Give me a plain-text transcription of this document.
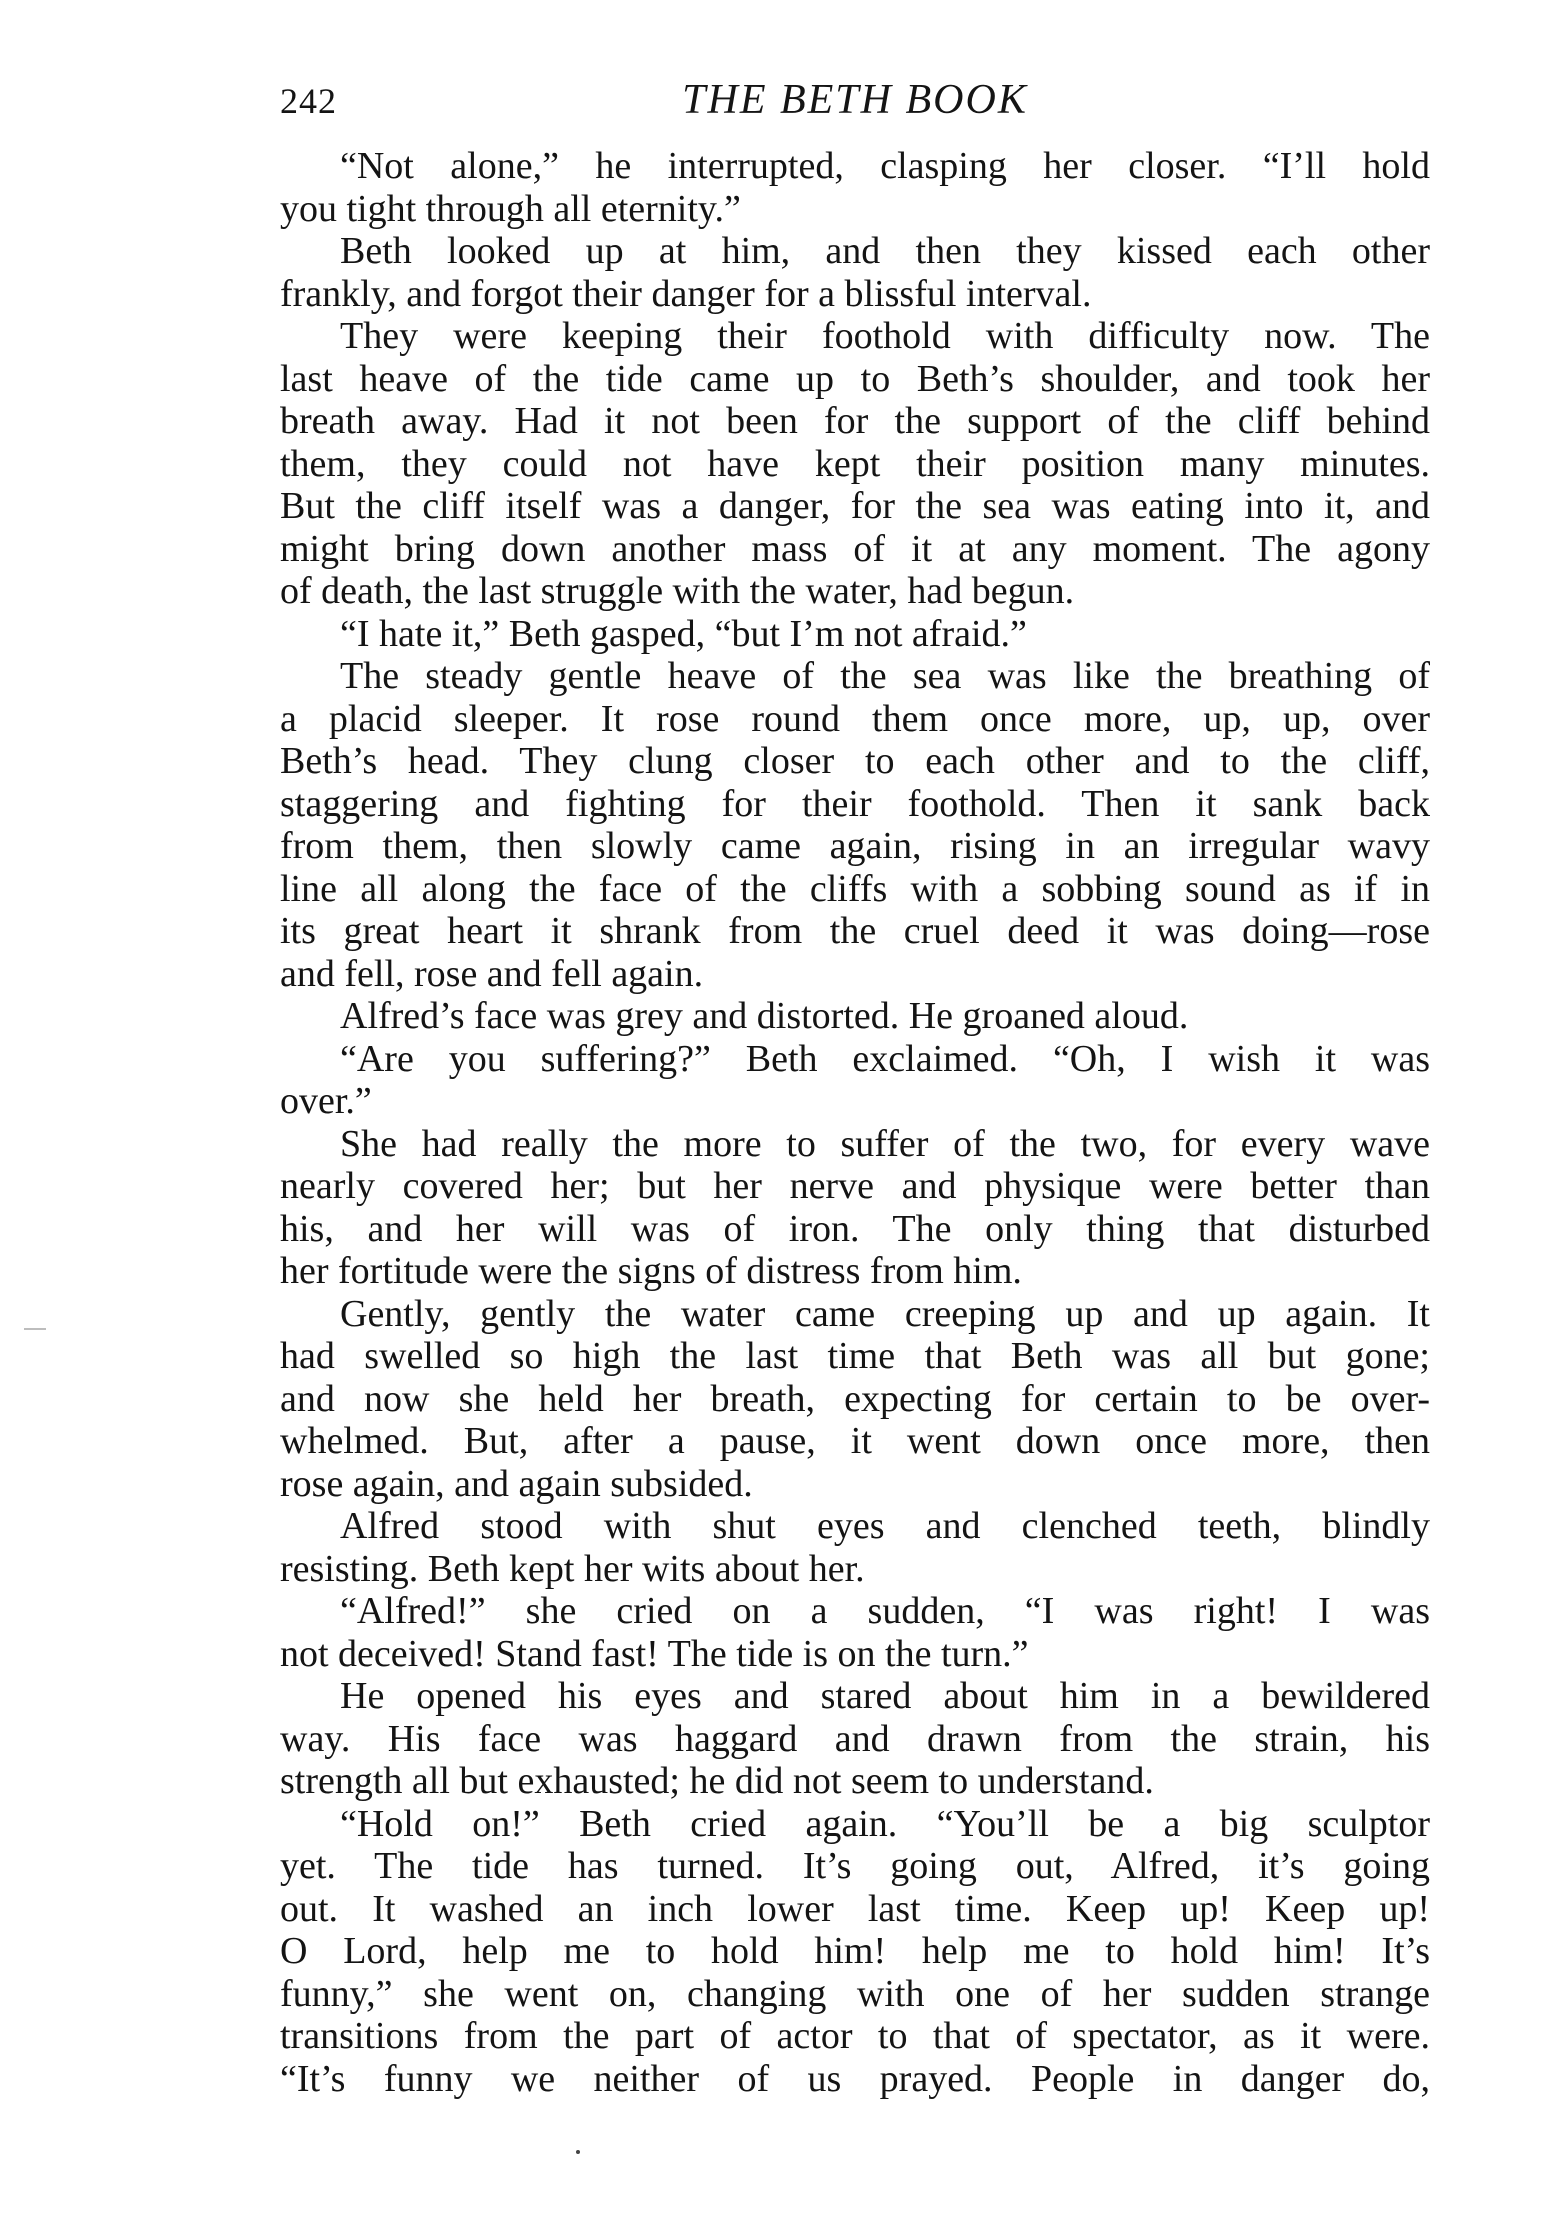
242	THE BETH BOOK
“Not alone,” he interrupted, clasping her closer. “I’ll hold
you tight through all eternity.”
Beth looked up at him, and then they kissed each other
frankly, and forgot their danger for a blissful interval.
They were keeping their foothold with difficulty now. The
last heave of the tide came up to Beth’s shoulder, and took her
breath away. Had it not been for the support of the cliff behind
them, they could not have kept their position many minutes.
But the cliff itself was a danger, for the sea was eating into it, and
might bring down another mass of it at any moment. The agony
of death, the last struggle with the water, had begun.
“I hate it,” Beth gasped, “but I’m not afraid.”
The steady gentle heave of the sea was like the breathing of
a placid sleeper. It rose round them once more, up, up, over
Beth’s head. They clung closer to each other and to the cliff,
staggering and fighting for their foothold. Then it sank back
from them, then slowly came again, rising in an irregular wavy
line all along the face of the cliffs with a sobbing sound as if in
its great heart it shrank from the cruel deed it was doing—rose
and fell, rose and fell again.
Alfred’s face was grey and distorted. He groaned aloud.
“Are you suffering?” Beth exclaimed. “Oh, I wish it was
over.”
She had really the more to suffer of the two, for every wave
nearly covered her; but her nerve and physique were better than
his, and her will was of iron. The only thing that disturbed
her fortitude were the signs of distress from him.
Gently, gently the water came creeping up and up again. It
had swelled so high the last time that Beth was all but gone;
and now she held her breath, expecting for certain to be over-
whelmed. But, after a pause, it went down once more, then
rose again, and again subsided.
Alfred stood with shut eyes and clenched teeth, blindly
resisting. Beth kept her wits about her.
“Alfred!” she cried on a sudden, “I was right! I was
not deceived! Stand fast! The tide is on the turn.”
He opened his eyes and stared about him in a bewildered
way. His face was haggard and drawn from the strain, his
strength all but exhausted; he did not seem to understand.
“Hold on!” Beth cried again. “You’ll be a big sculptor
yet. The tide has turned. It’s going out, Alfred, it’s going
out. It washed an inch lower last time. Keep up! Keep up!
O Lord, help me to hold him! help me to hold him! It’s
funny,” she went on, changing with one of her sudden strange
transitions from the part of actor to that of spectator, as it were.
“It’s funny we neither of us prayed. People in danger do,
